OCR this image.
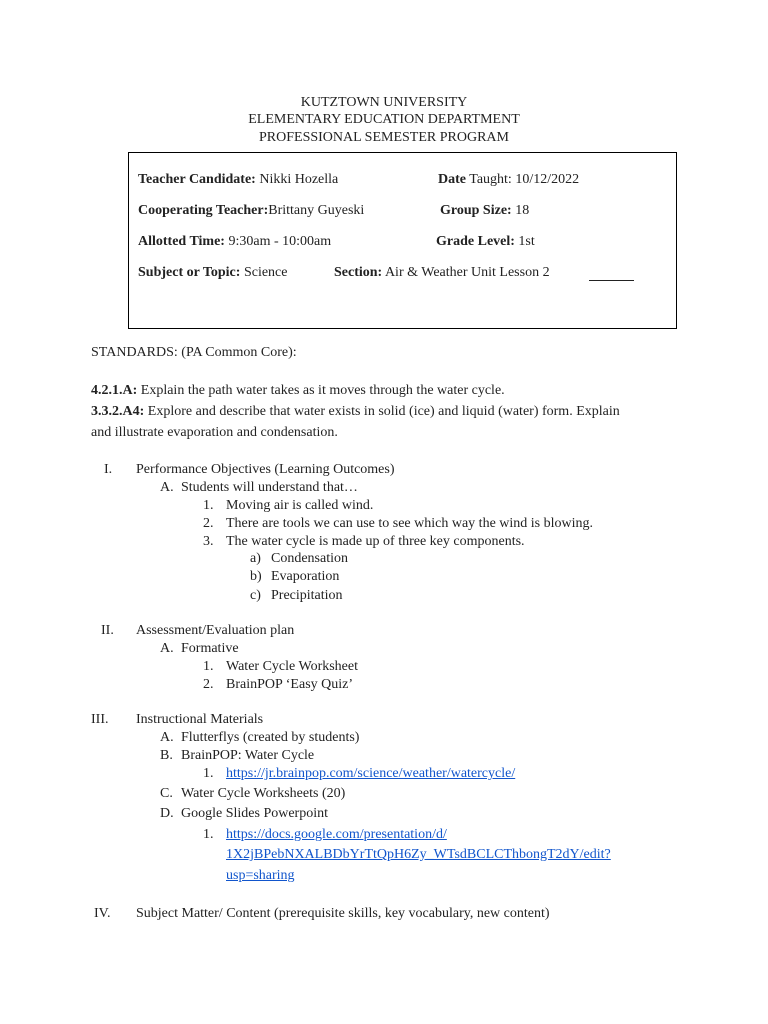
KUTZTOWN UNIVERSITY
ELEMENTARY EDUCATION DEPARTMENT
PROFESSIONAL SEMESTER PROGRAM
Teacher Candidate: Nikki Hozella	Date Taught: 10/12/2022
Cooperating Teacher:Brittany Guyeski	Group Size: 18
Allotted Time: 9:30am - 10:00am	Grade Level: 1st
Subject or Topic: Science	Section: Air & Weather Unit Lesson 2
STANDARDS: (PA Common Core):
4.2.1.A: Explain the path water takes as it moves through the water cycle.
3.3.2.A4: Explore and describe that water exists in solid (ice) and liquid (water) form. Explain
and illustrate evaporation and condensation.
I. Performance Objectives (Learning Outcomes)
A. Students will understand that…
1. Moving air is called wind.
2. There are tools we can use to see which way the wind is blowing.
3. The water cycle is made up of three key components.
a) Condensation
b) Evaporation
c) Precipitation
II. Assessment/Evaluation plan
A. Formative
1. Water Cycle Worksheet
2. BrainPOP ‘Easy Quiz’
III. Instructional Materials
A. Flutterflys (created by students)
B. BrainPOP: Water Cycle
1. https://jr.brainpop.com/science/weather/watercycle/
C. Water Cycle Worksheets (20)
D. Google Slides Powerpoint
1. https://docs.google.com/presentation/d/
1X2jBPebNXALBDbYrTtQpH6Zy_WTsdBCLCThbongT2dY/edit?
usp=sharing
IV. Subject Matter/ Content (prerequisite skills, key vocabulary, new content)
